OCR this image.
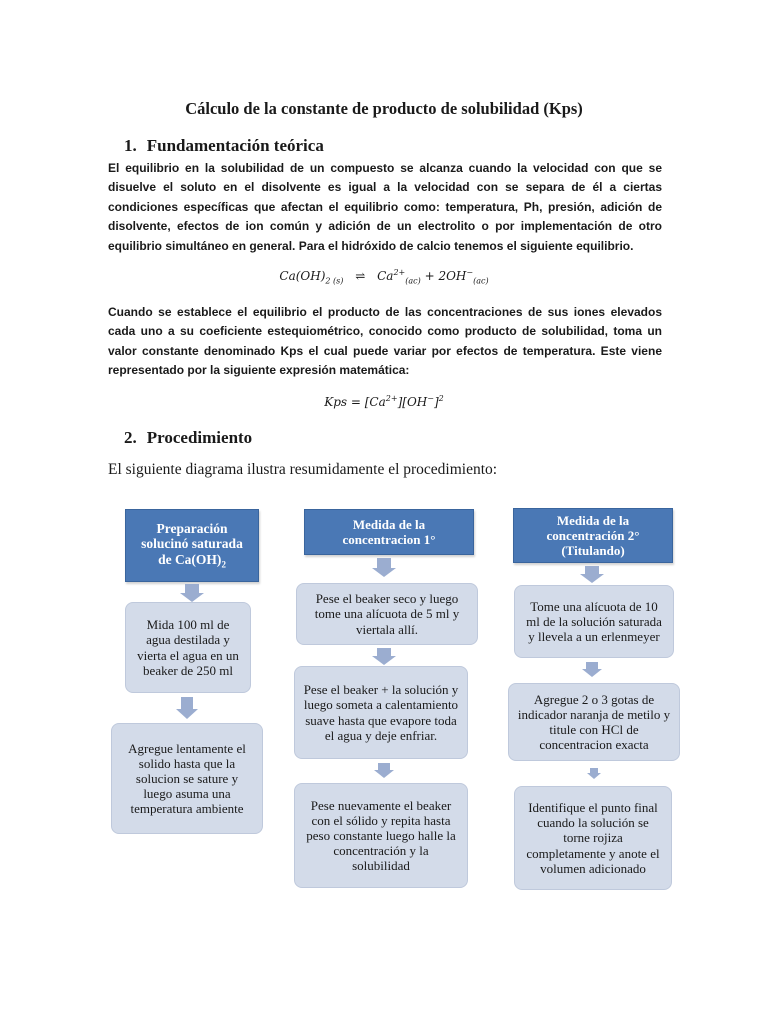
Cálculo de la constante de producto de solubilidad (Kps)
1. Fundamentación teórica

El equilibrio en la solubilidad de un compuesto se alcanza cuando la velocidad con que se disuelve el soluto en el disolvente es igual a la velocidad con se separa de él a ciertas condiciones específicas que afectan el equilibrio como: temperatura, Ph, presión, adición de disolvente, efectos de ion común y adición de un electrolito o por implementación de otro equilibrio simultáneo en general. Para el hidróxido de calcio tenemos el siguiente equilibrio.

$Ca(OH)_{2 (s)}$ ⇌ $Ca^{2+}_{(ac)} + 2OH^-_{(ac)}$

Cuando se establece el equilibrio el producto de las concentraciones de sus iones elevados cada uno a su coeficiente estequiométrico, conocido como producto de solubilidad, toma un valor constante denominado Kps el cual puede variar por efectos de temperatura. Este viene representado por la siguiente expresión matemática:

Kps = $[Ca^{2+}][OH^-]^2$
2. Procedimiento

El siguiente diagrama ilustra resumidamente el procedimiento:

Preparación solucinó saturada de $Ca(OH)_2$
Mida 100 ml de agua destilada y vierta el agua en un beaker de 250 ml
Agregue lentamente el solido hasta que la solucion se sature y luego asuma una temperatura ambiente
Medida de la concentracion 1°
Pese el beaker seco y luego tome una alícuota de 5 ml y viertala allí.
Pese el beaker + la solución y luego someta a calentamiento suave hasta que evapore toda el agua y deje enfriar.
Pese nuevamente el beaker con el sólido y repita hasta peso constante luego halle la concentración y la solubilidad
Medida de la concentración 2° (Titulando)
Tome una alícuota de 10 ml de la solución saturada y llevela a un erlenmeyer
Agregue 2 o 3 gotas de indicador naranja de metilo y titule con HCl de concentracion exacta
Identifique el punto final cuando la solución se torne rojiza completamente y anote el volumen adicionado
